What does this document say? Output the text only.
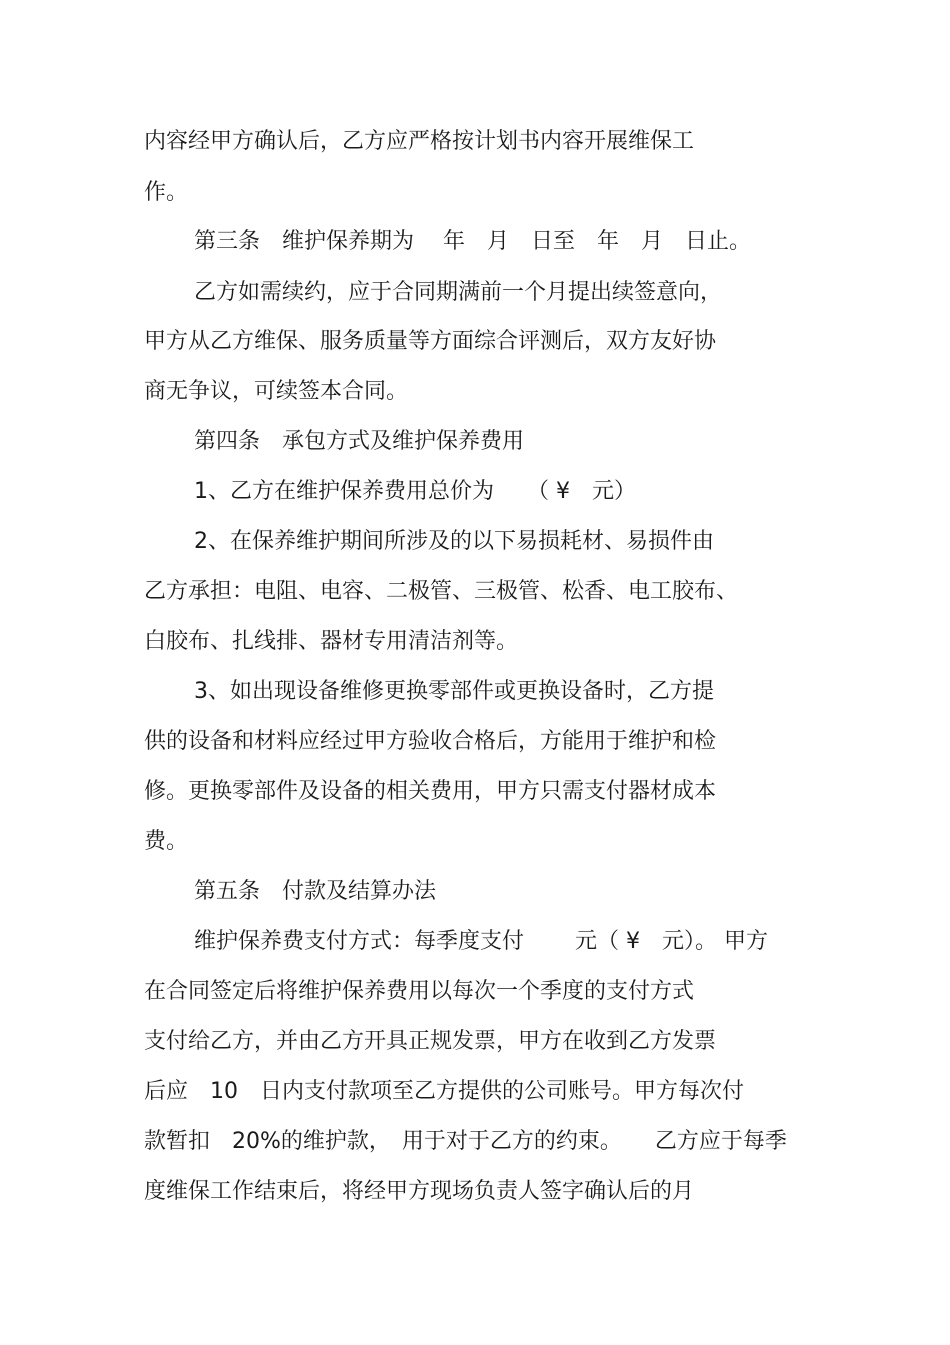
内容经甲方确认后，乙方应严格按计划书内容开展维保工
作。
第三条　维护保养期为　 年　月　日至　年　月　日止。
乙方如需续约，应于合同期满前一个月提出续签意向，
甲方从乙方维保、服务质量等方面综合评测后，双方友好协
商无争议，可续签本合同。
第四条　承包方式及维护保养费用
1、乙方在维护保养费用总价为　　（ ¥　元）
2、在保养维护期间所涉及的以下易损耗材、易损件由
乙方承担：电阻、电容、二极管、三极管、松香、电工胶布、
白胶布、扎线排、器材专用清洁剂等。
3、如出现设备维修更换零部件或更换设备时，乙方提
供的设备和材料应经过甲方验收合格后，方能用于维护和检
修。更换零部件及设备的相关费用，甲方只需支付器材成本
费。
第五条　付款及结算办法
维护保养费支付方式：每季度支付　　 元（ ¥　元）。 甲方
在合同签定后将维护保养费用以每次一个季度的支付方式
支付给乙方，并由乙方开具正规发票，甲方在收到乙方发票
后应　10　日内支付款项至乙方提供的公司账号。甲方每次付
款暂扣　20%的维护款，　用于对于乙方的约束。　　乙方应于每季
度维保工作结束后，将经甲方现场负责人签字确认后的月
